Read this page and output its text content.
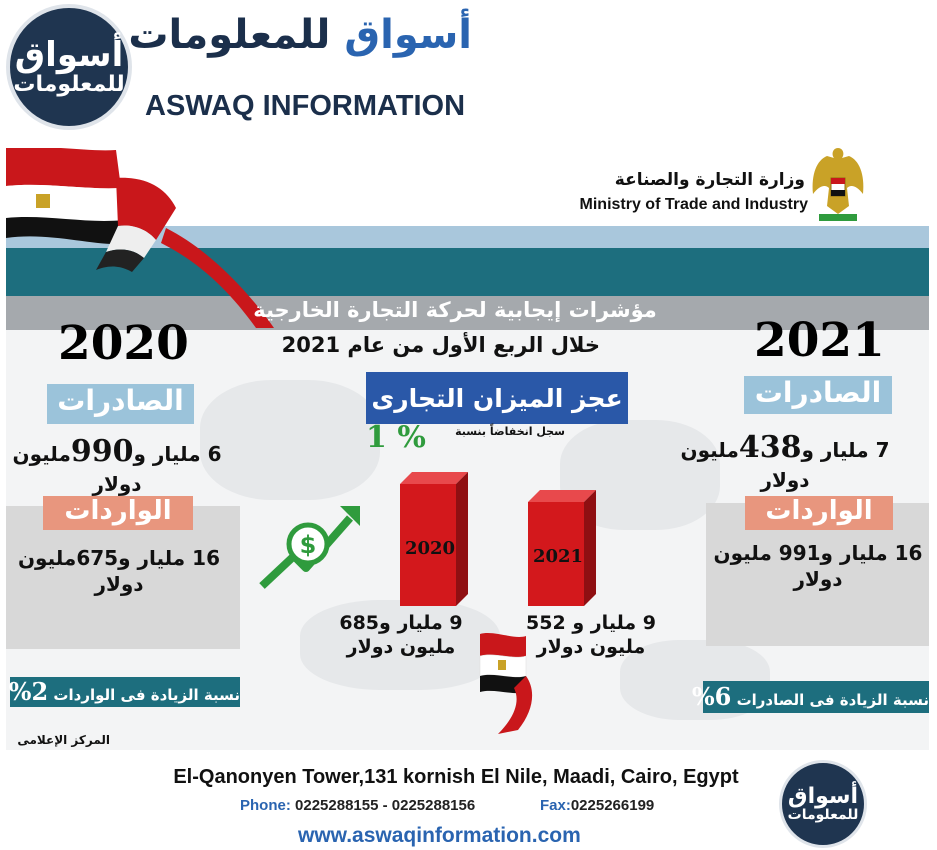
أسواق
للمعلومات
أسواق للمعلومات
ASWAQ INFORMATION
مؤشرات إيجابية لحركة التجارة الخارجية
وزارة التجارة والصناعة
Ministry of Trade and Industry
2020
الصادرات
6 مليار و990مليون
دولار
الواردات
16 مليار و675مليون
دولار
نسبة الزيادة فى الواردات 2%
المركز الإعلامى
2021
الصادرات
7 مليار و438مليون
دولار
الواردات
16 مليار و991 مليون
دولار
نسبة الزيادة فى الصادرات 6%
خلال الربع الأول من عام 2021
عجز الميزان التجارى
1 %	سجل انخفاضاً بنسبة
$	2020	2021
9 مليار و685
مليون دولار
9 مليار و 552
مليون دولار
El-Qanonyen Tower,131 kornish El Nile, Maadi, Cairo, Egypt
Phone: 0225288155 - 0225288156	Fax:0225266199
www.aswaqinformation.com
أسواق
للمعلومات
